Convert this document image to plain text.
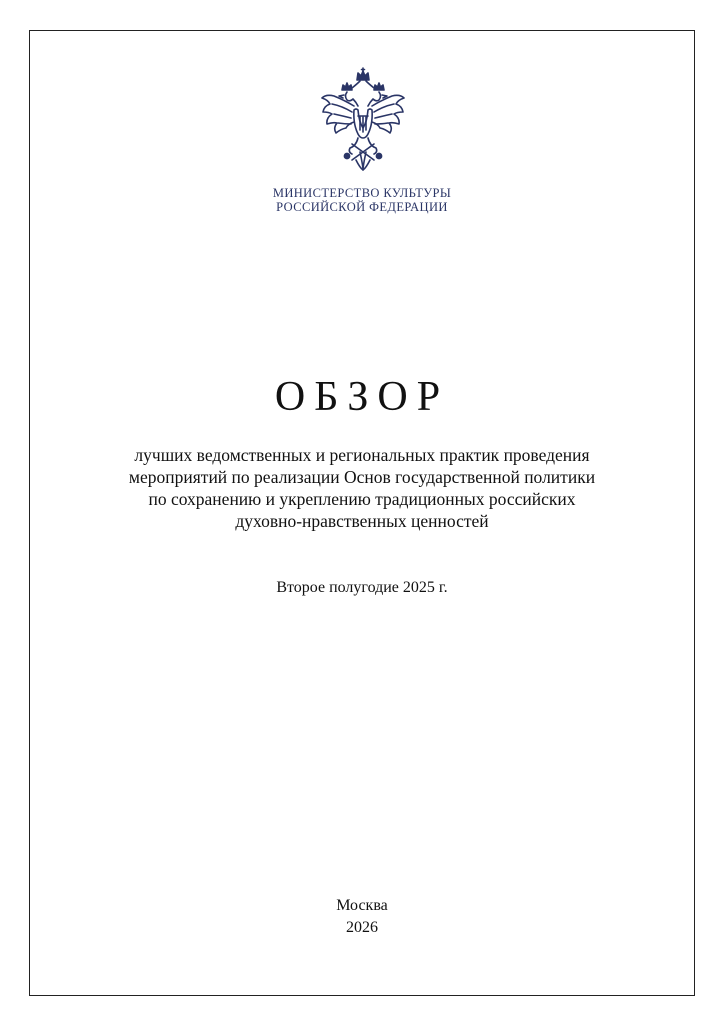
МИНИСТЕРСТВО КУЛЬТУРЫ
РОССИЙСКОЙ ФЕДЕРАЦИИ
ОБЗОР
лучших ведомственных и региональных практик проведения
мероприятий по реализации Основ государственной политики
по сохранению и укреплению традиционных российских
духовно-нравственных ценностей
Второе полугодие 2025 г.
Москва
2026
